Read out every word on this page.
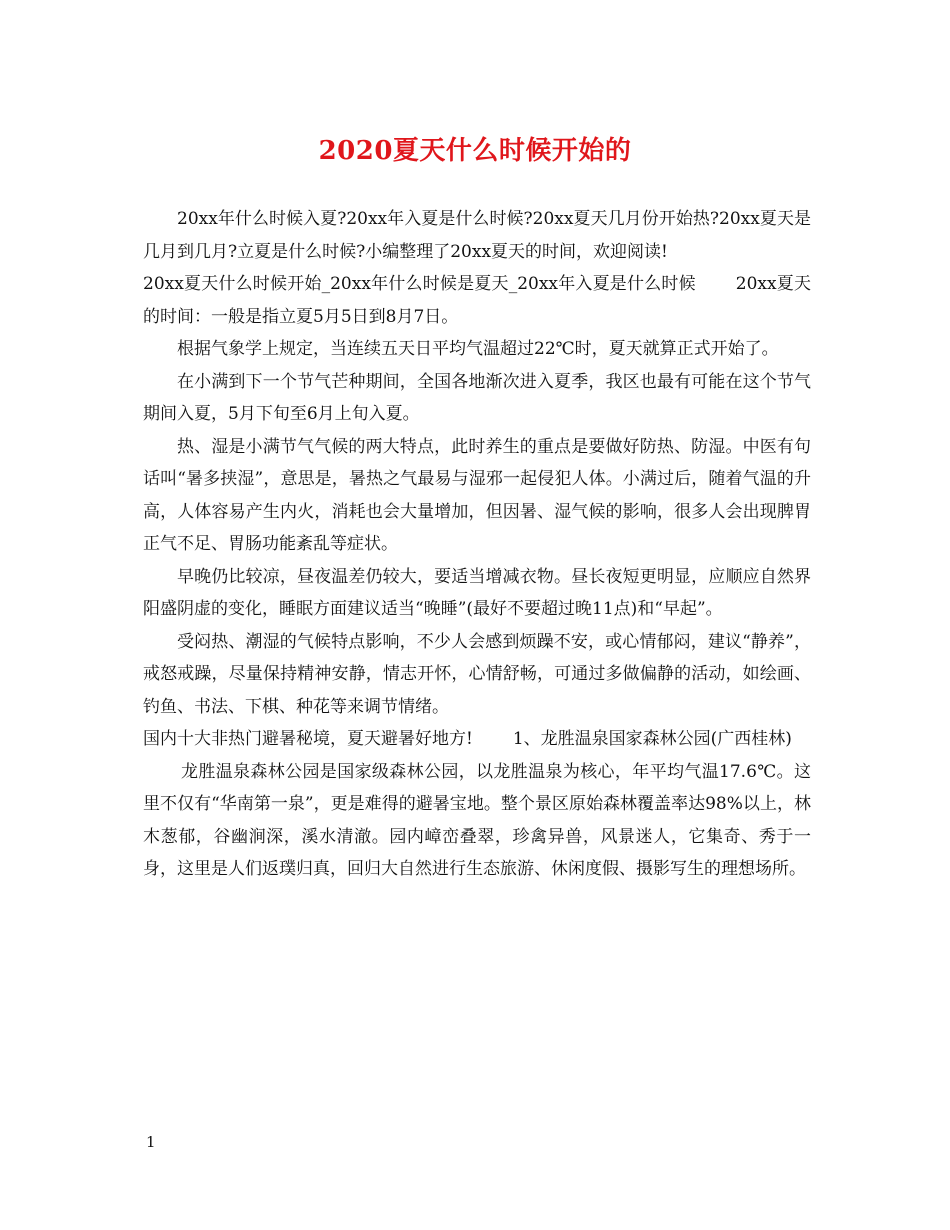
2020夏天什么时候开始的

20xx年什么时候入夏?20xx年入夏是什么时候?20xx夏天几月份开始热?20xx夏天是几月到几月?立夏是什么时候?小编整理了20xx夏天的时间，欢迎阅读!

20xx夏天什么时候开始_20xx年什么时候是夏天_20xx年入夏是什么时候 20xx夏天的时间：一般是指立夏5月5日到8月7日。

根据气象学上规定，当连续五天日平均气温超过22℃时，夏天就算正式开始了。

在小满到下一个节气芒种期间，全国各地渐次进入夏季，我区也最有可能在这个节气期间入夏，5月下旬至6月上旬入夏。

热、湿是小满节气气候的两大特点，此时养生的重点是要做好防热、防湿。中医有句话叫“暑多挟湿”，意思是，暑热之气最易与湿邪一起侵犯人体。小满过后，随着气温的升高，人体容易产生内火，消耗也会大量增加，但因暑、湿气候的影响，很多人会出现脾胃正气不足、胃肠功能紊乱等症状。

早晚仍比较凉，昼夜温差仍较大，要适当增减衣物。昼长夜短更明显，应顺应自然界阳盛阴虚的变化，睡眠方面建议适当“晚睡”(最好不要超过晚11点)和“早起”。

受闷热、潮湿的气候特点影响，不少人会感到烦躁不安，或心情郁闷，建议“静养”，戒怒戒躁，尽量保持精神安静，情志开怀，心情舒畅，可通过多做偏静的活动，如绘画、钓鱼、书法、下棋、种花等来调节情绪。

国内十大非热门避暑秘境，夏天避暑好地方! 1、龙胜温泉国家森林公园(广西桂林)

龙胜温泉森林公园是国家级森林公园，以龙胜温泉为核心，年平均气温17.6℃。这里不仅有“华南第一泉”，更是难得的避暑宝地。整个景区原始森林覆盖率达98%以上，林木葱郁，谷幽涧深，溪水清澈。园内嶂峦叠翠，珍禽异兽，风景迷人，它集奇、秀于一身，这里是人们返璞归真，回归大自然进行生态旅游、休闲度假、摄影写生的理想场所。

1
